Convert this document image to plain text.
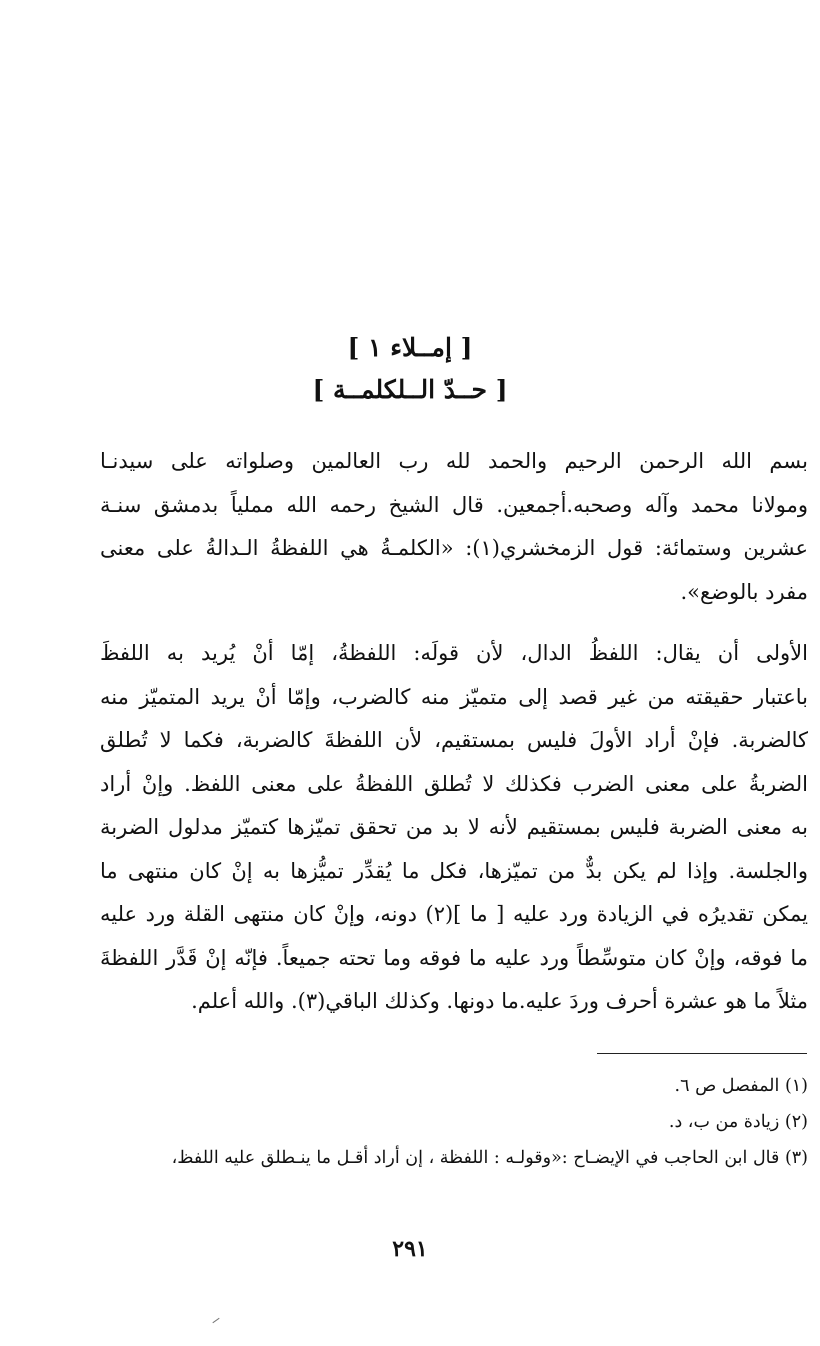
[ إمــلاء ١ ]
[ حــدّ الــلكلمــة ]
بسم الله الرحمن الرحيم والحمد لله رب العالمين وصلواته على سيدنـا
ومولانا محمد وآله وصحبه.أجمعين. قال الشيخ رحمه الله مملياً بدمشق سنـة
عشرين وستمائة: قول الزمخشري(١): «الكلمـةُ هي اللفظةُ الـدالةُ على معنى
مفرد بالوضع».
الأولى أن يقال: اللفظُ الدال، لأن قولَه: اللفظةُ، إمّا أنْ يُريد به اللفظَ
باعتبار حقيقته من غير قصد إلى متميّز منه كالضرب، وإمّا أنْ يريد المتميّز منه
كالضربة. فإنْ أراد الأولَ فليس بمستقيم، لأن اللفظةَ كالضربة، فكما لا تُطلق
الضربةُ على معنى الضرب فكذلك لا تُطلق اللفظةُ على معنى اللفظ. وإنْ أراد
به معنى الضربة فليس بمستقيم لأنه لا بد من تحقق تميّزها كتميّز مدلول الضربة
والجلسة. وإذا لم يكن بدٌّ من تميّزها، فكل ما يُقدِّر تميُّزها به إنْ كان منتهى ما
يمكن تقديرُه في الزيادة ورد عليه [ ما ](٢) دونه، وإنْ كان منتهى القلة ورد عليه
ما فوقه، وإنْ كان متوسِّطاً ورد عليه ما فوقه وما تحته جميعاً. فإنّه إنْ قَدَّر اللفظةَ
مثلاً ما هو عشرة أحرف وردَ عليه.ما دونها. وكذلك الباقي(٣). والله أعلم.
(١) المفصل ص ٦.
(٢) زيادة من ب، د.
(٣) قال ابن الحاجب في الإيضـاح :«وقولـه : اللفظة ، إن أراد أقـل ما ينـطلق عليه اللفظ،
٢٩١
